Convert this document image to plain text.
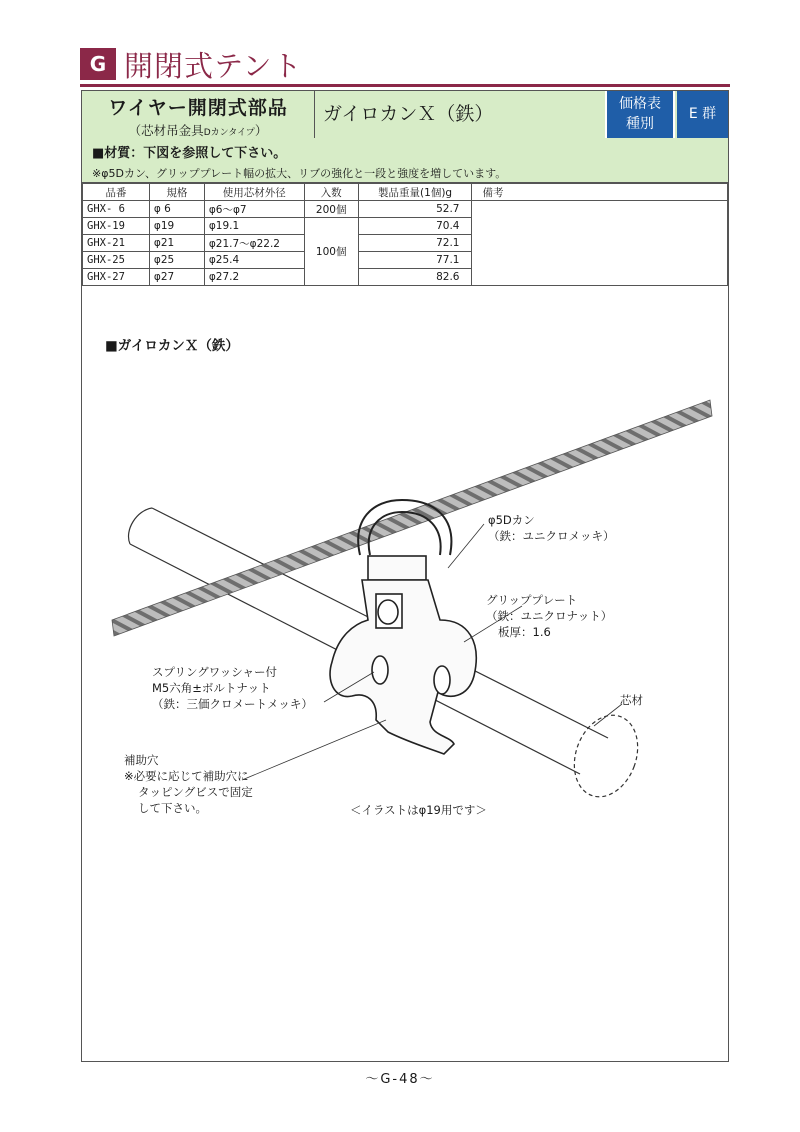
G 開閉式テント
ワイヤー開閉式部品
（芯材吊金具Dカンタイプ）
ガイロカンＸ（鉄）	価格表
種別
E 群
■材質：下図を参照して下さい。
※φ5Dカン、グリッププレート幅の拡大、リブの強化と一段と強度を増しています。
品番	規格	使用芯材外径	入数	製品重量(1個)g	備考
GHX- 6	φ 6	φ6～φ7	200個	52.7	
GHX-19	φ19	φ19.1	100個	70.4	
GHX-21	φ21	φ21.7～φ22.2		72.1	
GHX-25	φ25	φ25.4		77.1	
GHX-27	φ27	φ27.2		82.6	
■ガイロカンＸ（鉄）
φ5Dカン
（鉄：ユニクロメッキ）
グリッププレート
（鉄：ユニクロナット）
板厚：1.6
芯材
スプリングワッシャー付
M5六角±ボルトナット
（鉄：三価クロメートメッキ）
補助穴
※必要に応じて補助穴に
タッピングビスで固定
して下さい。	＜イラストはφ19用です＞
～G-48～
